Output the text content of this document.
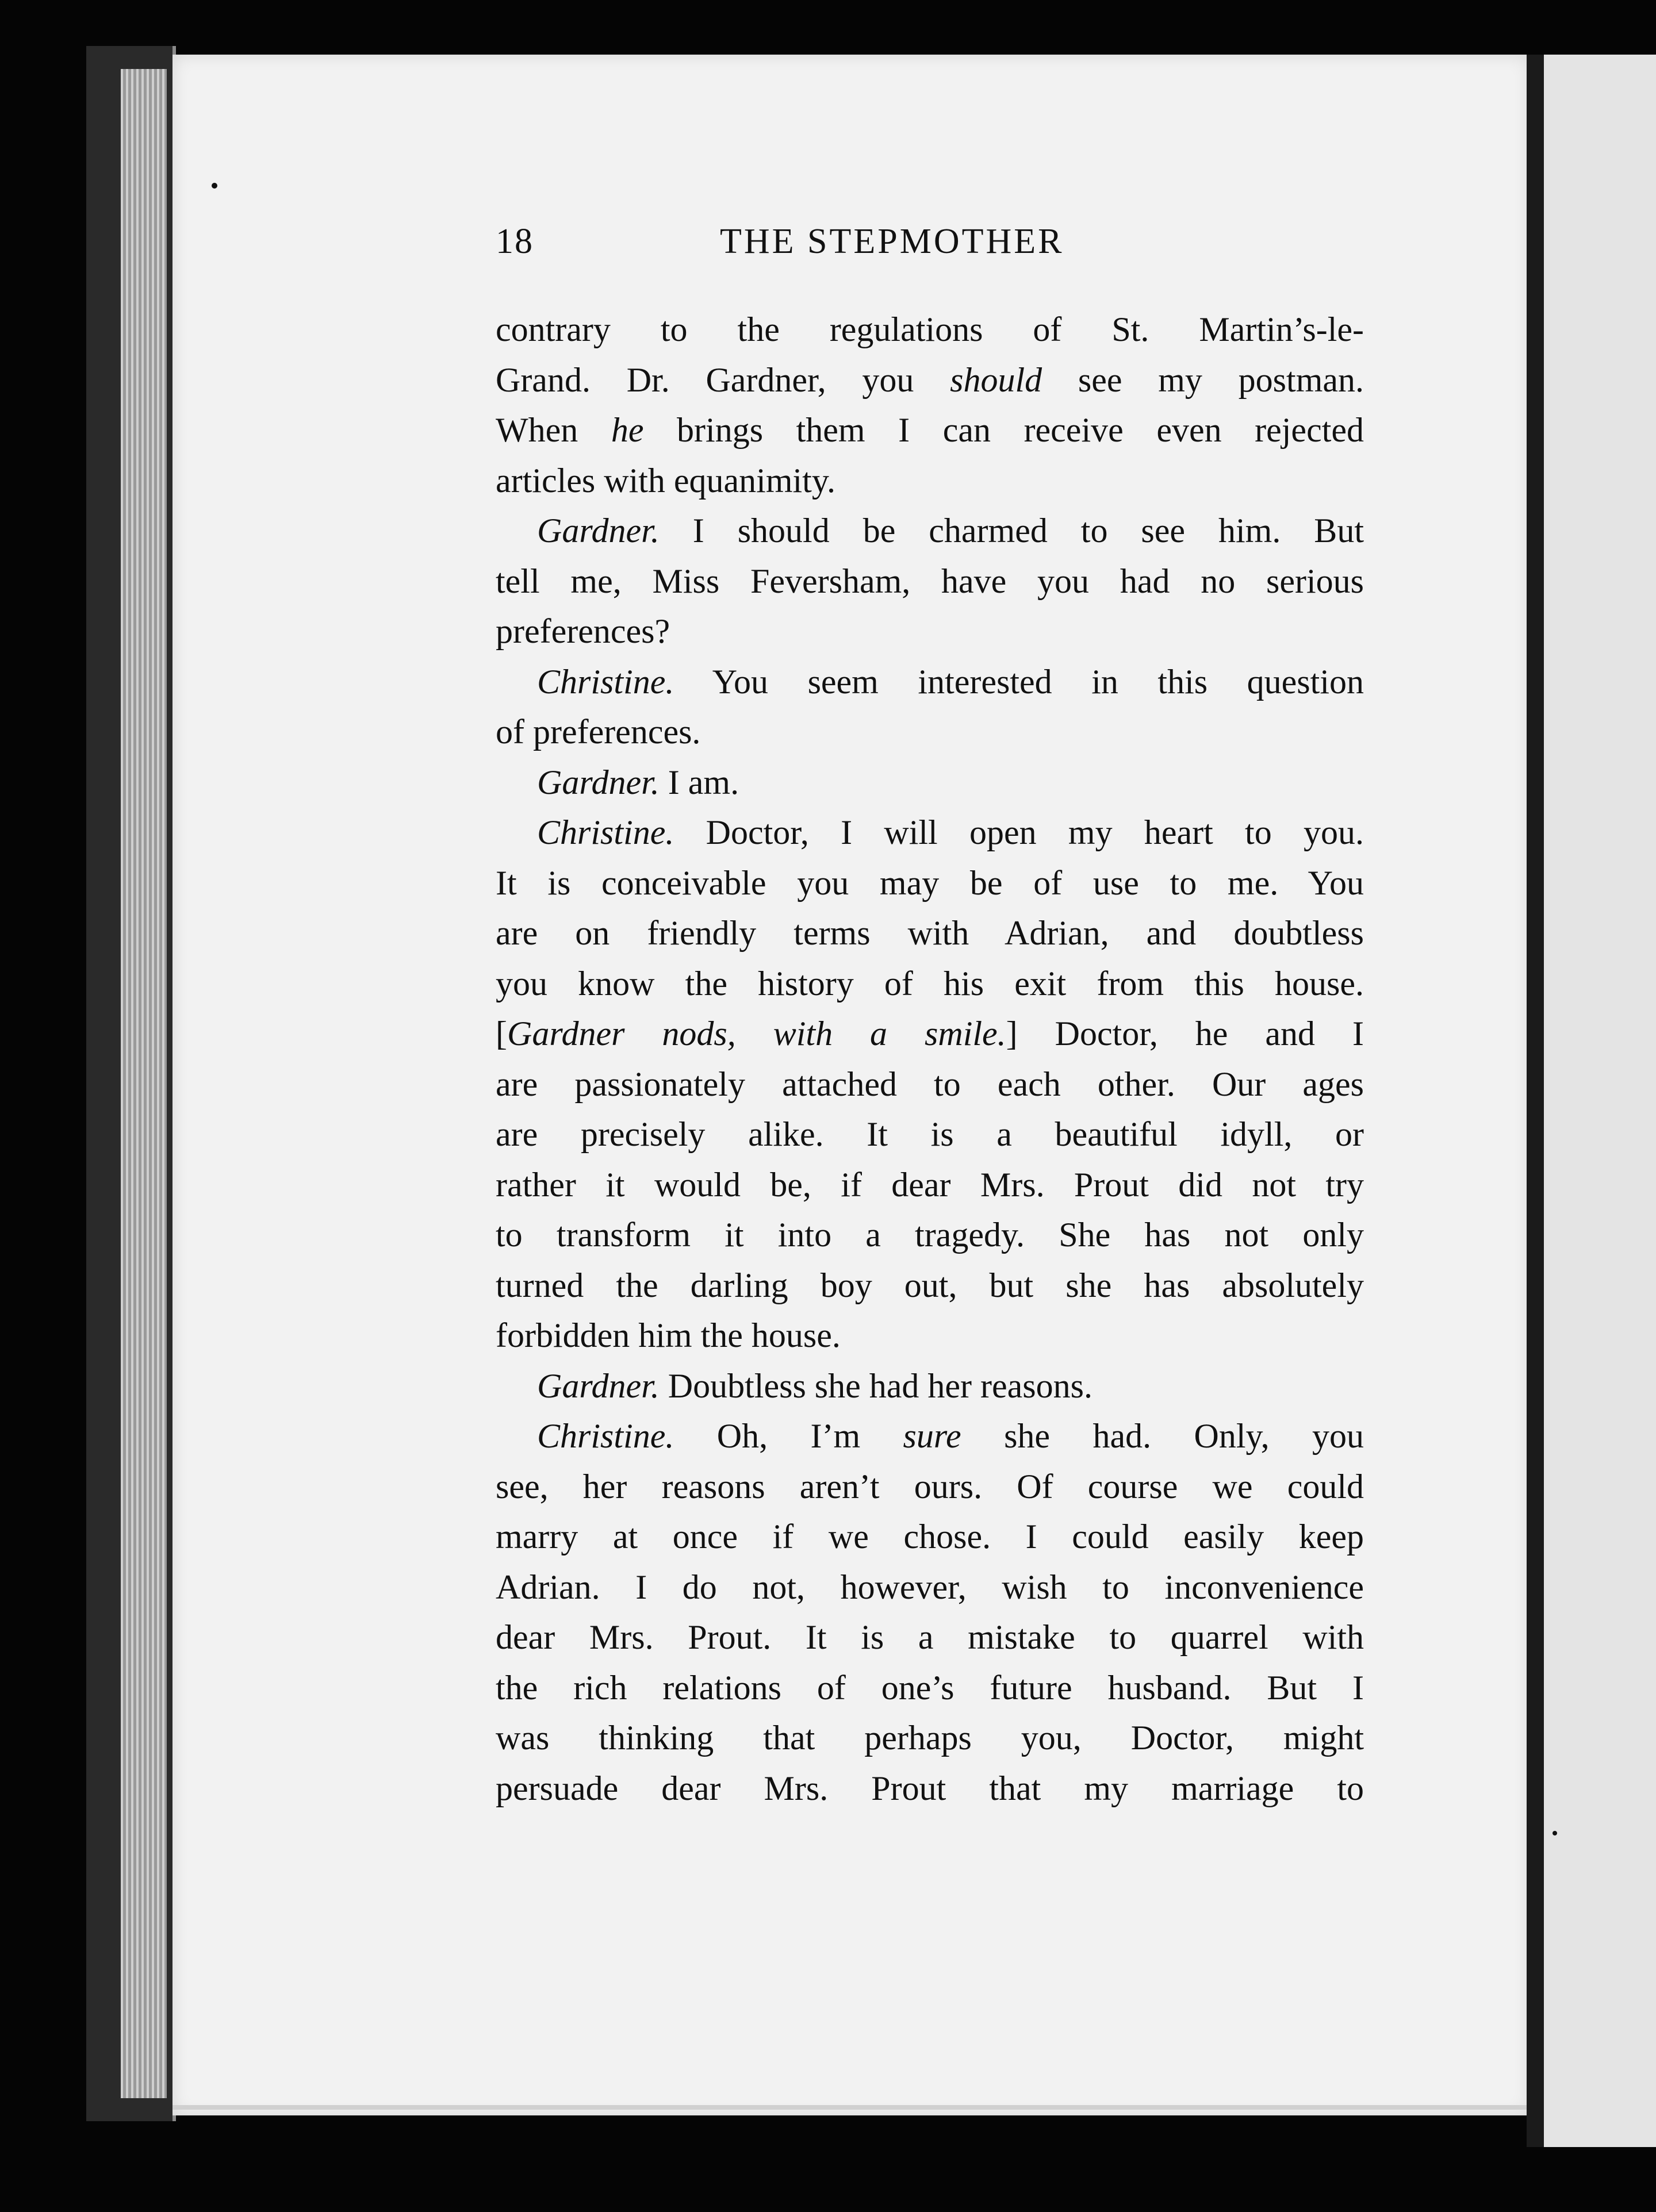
18	THE STEPMOTHER

contrary to the regulations of St. Martin’s-le-

Grand. Dr. Gardner, you should see my postman.

When he brings them I can receive even rejected

articles with equanimity.

Gardner. I should be charmed to see him. But

tell me, Miss Feversham, have you had no serious

preferences?

Christine. You seem interested in this question

of preferences.

Gardner. I am.

Christine. Doctor, I will open my heart to you.

It is conceivable you may be of use to me. You

are on friendly terms with Adrian, and doubtless

you know the history of his exit from this house.

[Gardner nods, with a smile.] Doctor, he and I

are passionately attached to each other. Our ages

are precisely alike. It is a beautiful idyll, or

rather it would be, if dear Mrs. Prout did not try

to transform it into a tragedy. She has not only

turned the darling boy out, but she has absolutely

forbidden him the house.

Gardner. Doubtless she had her reasons.

Christine. Oh, I’m sure she had. Only, you

see, her reasons aren’t ours. Of course we could

marry at once if we chose. I could easily keep

Adrian. I do not, however, wish to inconvenience

dear Mrs. Prout. It is a mistake to quarrel with

the rich relations of one’s future husband. But I

was thinking that perhaps you, Doctor, might

persuade dear Mrs. Prout that my marriage to
